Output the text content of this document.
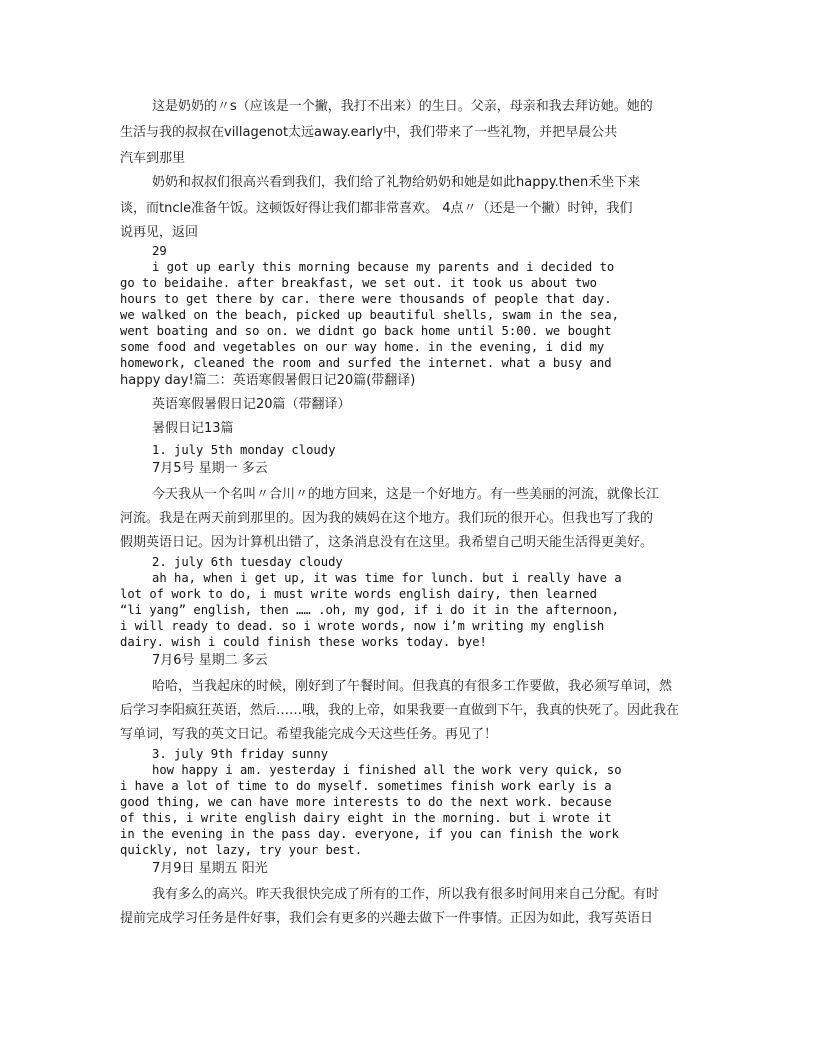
这是奶奶的〃s（应该是一个撇，我打不出来）的生日。父亲，母亲和我去拜访她。她的
生活与我的叔叔在villagenot太远away.early中，我们带来了一些礼物，并把早晨公共
汽车到那里
奶奶和叔叔们很高兴看到我们，我们给了礼物给奶奶和她是如此happy.then禾坐下来
谈，而tncle准备午饭。这顿饭好得让我们都非常喜欢。 4点〃（还是一个撇）时钟，我们
说再见，返回
29
i got up early this morning because my parents and i decided to
go to beidaihe. after breakfast, we set out. it took us about two
hours to get there by car. there were thousands of people that day.
we walked on the beach, picked up beautiful shells, swam in the sea,
went boating and so on. we didnt go back home until 5:00. we bought
some food and vegetables on our way home. in the evening, i did my
homework, cleaned the room and surfed the internet. what a busy and
happy day!篇二：英语寒假暑假日记20篇(带翻译)
英语寒假暑假日记20篇（带翻译）
暑假日记13篇
1. july 5th monday cloudy
7月5号 星期一 多云
今天我从一个名叫〃合川〃的地方回来，这是一个好地方。有一些美丽的河流，就像长江
河流。我是在两天前到那里的。因为我的姨妈在这个地方。我们玩的很开心。但我也写了我的
假期英语日记。因为计算机出错了，这条消息没有在这里。我希望自己明天能生活得更美好。
2. july 6th tuesday cloudy
ah ha, when i get up, it was time for lunch. but i really have a
lot of work to do, i must write words english dairy, then learned
“li yang” english, then …… .oh, my god, if i do it in the afternoon,
i will ready to dead. so i wrote words, now i’m writing my english
dairy. wish i could finish these works today. bye!
7月6号 星期二 多云
哈哈，当我起床的时候，刚好到了午餐时间。但我真的有很多工作要做，我必须写单词，然
后学习李阳疯狂英语，然后……哦，我的上帝，如果我要一直做到下午，我真的快死了。因此我在
写单词，写我的英文日记。希望我能完成今天这些任务。再见了！
3. july 9th friday sunny
how happy i am. yesterday i finished all the work very quick, so
i have a lot of time to do myself. sometimes finish work early is a
good thing, we can have more interests to do the next work. because
of this, i write english dairy eight in the morning. but i wrote it
in the evening in the pass day. everyone, if you can finish the work
quickly, not lazy, try your best.
7月9日 星期五 阳光
我有多么的高兴。昨天我很快完成了所有的工作，所以我有很多时间用来自己分配。有时
提前完成学习任务是件好事，我们会有更多的兴趣去做下一件事情。正因为如此，我写英语日
